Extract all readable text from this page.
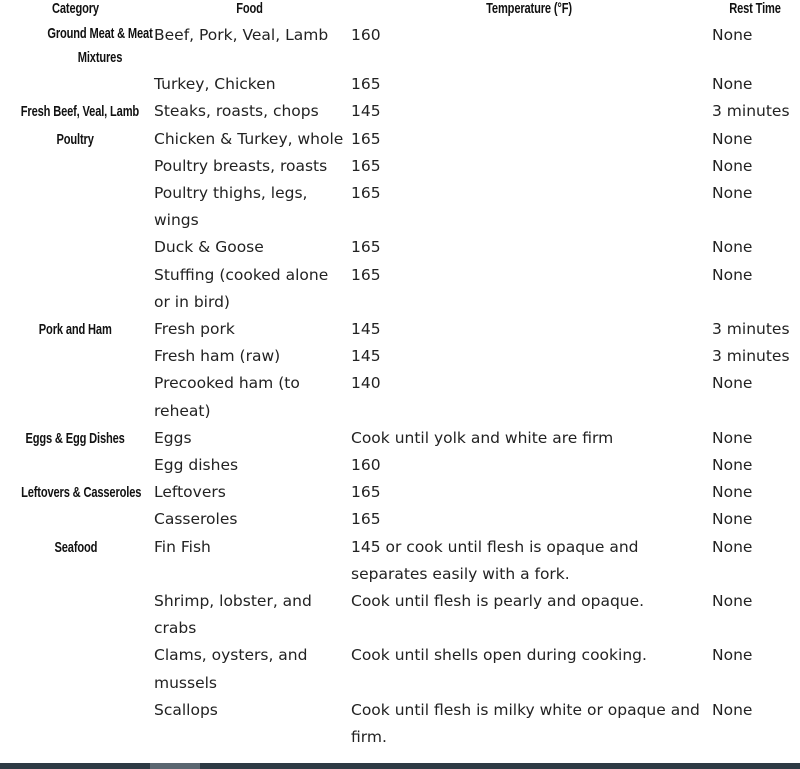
Category	Food	Temperature (°F)	Rest Time
Ground Meat & Meat Mixtures	Beef, Pork, Veal, Lamb	160	None
	Turkey, Chicken	165	None
Fresh Beef, Veal, Lamb	Steaks, roasts, chops	145	3 minutes
Poultry	Chicken & Turkey, whole	165	None
	Poultry breasts, roasts	165	None
	Poultry thighs, legs, wings	165	None
	Duck & Goose	165	None
	Stuffing (cooked alone or in bird)	165	None
Pork and Ham	Fresh pork	145	3 minutes
	Fresh ham (raw)	145	3 minutes
	Precooked ham (to reheat)	140	None
Eggs & Egg Dishes	Eggs	Cook until yolk and white are firm	None
	Egg dishes	160	None
Leftovers & Casseroles	Leftovers	165	None
	Casseroles	165	None
Seafood	Fin Fish	145 or cook until flesh is opaque and separates easily with a fork.	None
	Shrimp, lobster, and crabs	Cook until flesh is pearly and opaque.	None
	Clams, oysters, and mussels	Cook until shells open during cooking.	None
	Scallops	Cook until flesh is milky white or opaque and firm.	None
